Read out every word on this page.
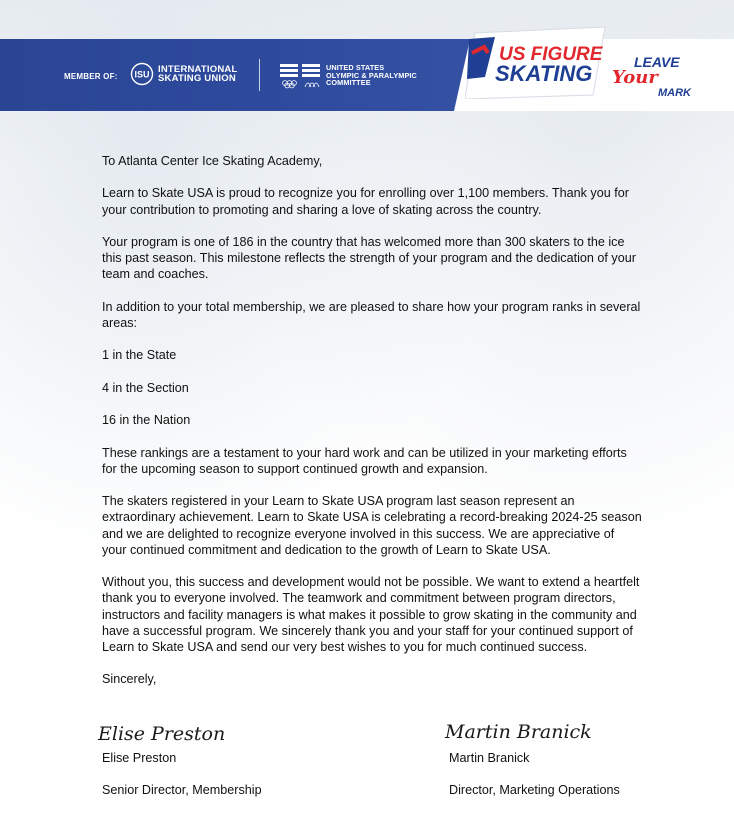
MEMBER OF: ISU INTERNATIONAL
SKATING UNION
UNITED STATES
OLYMPIC & PARALYMPIC
COMMITTEE
US FIGURE
SKATING	LEAVE
Your
MARK

To Atlanta Center Ice Skating Academy,

Learn to Skate USA is proud to recognize you for enrolling over 1,100 members. Thank you for your contribution to promoting and sharing a love of skating across the country.

Your program is one of 186 in the country that has welcomed more than 300 skaters to the ice this past season. This milestone reflects the strength of your program and the dedication of your team and coaches.

In addition to your total membership, we are pleased to share how your program ranks in several areas:

1 in the State

4 in the Section

16 in the Nation

These rankings are a testament to your hard work and can be utilized in your marketing efforts for the upcoming season to support continued growth and expansion.

The skaters registered in your Learn to Skate USA program last season represent an extraordinary achievement. Learn to Skate USA is celebrating a record-breaking 2024-25 season and we are delighted to recognize everyone involved in this success. We are appreciative of your continued commitment and dedication to the growth of Learn to Skate USA.

Without you, this success and development would not be possible. We want to extend a heartfelt thank you to everyone involved. The teamwork and commitment between program directors, instructors and facility managers is what makes it possible to grow skating in the community and have a successful program. We sincerely thank you and your staff for your continued support of Learn to Skate USA and send our very best wishes to you for much continued success.

Sincerely,

Elise Preston
Elise Preston
Senior Director, Membership
Martin Branick
Martin Branick
Director, Marketing Operations
